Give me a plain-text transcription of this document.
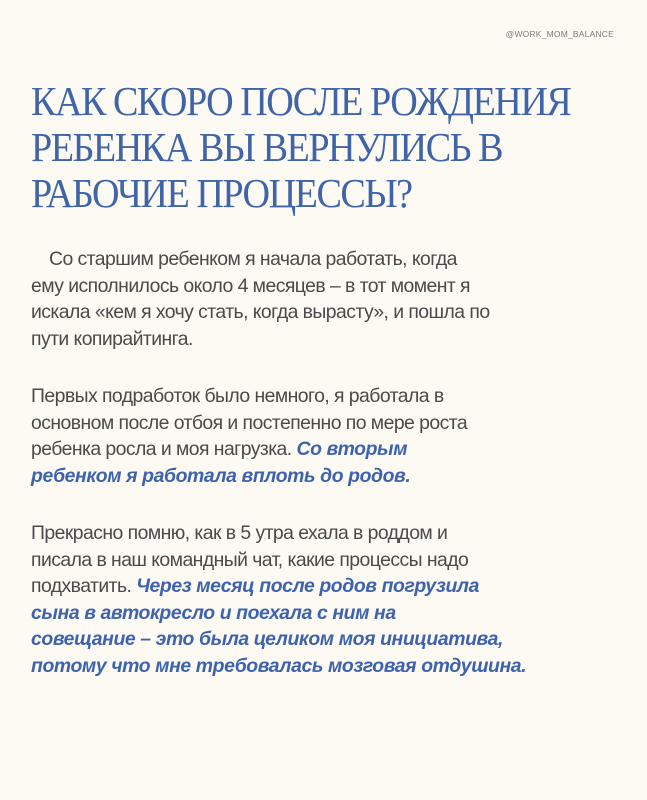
@WORK_MOM_BALANCE
КАК СКОРО ПОСЛЕ РОЖДЕНИЯ
РЕБЕНКА ВЫ ВЕРНУЛИСЬ В
РАБОЧИЕ ПРОЦЕССЫ?

Со старшим ребенком я начала работать, когда
ему исполнилось около 4 месяцев – в тот момент я
искала «кем я хочу стать, когда вырасту», и пошла по
пути копирайтинга.

Первых подработок было немного, я работала в
основном после отбоя и постепенно по мере роста
ребенка росла и моя нагрузка. Со вторым
ребенком я работала вплоть до родов.

Прекрасно помню, как в 5 утра ехала в роддом и
писала в наш командный чат, какие процессы надо
подхватить. Через месяц после родов погрузила
сына в автокресло и поехала с ним на
совещание – это была целиком моя инициатива,
потому что мне требовалась мозговая отдушина.
